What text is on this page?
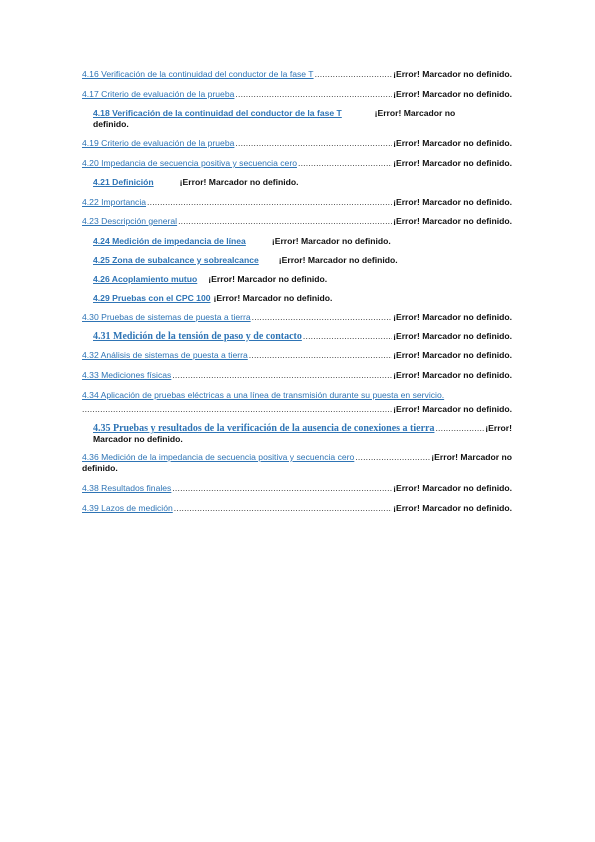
4.16 Verificación de la continuidad del conductor de la fase T .....	¡Error! Marcador no definido.
4.17 Criterio de evaluación de la prueba .....	¡Error! Marcador no definido.
4.18 Verificación de la continuidad del conductor de la fase T	¡Error! Marcador no
definido.
4.19 Criterio de evaluación de la prueba .....	¡Error! Marcador no definido.
4.20 Impedancia de secuencia positiva y secuencia cero .....	¡Error! Marcador no definido.
4.21 Definición	¡Error! Marcador no definido.
4.22 Importancia .....	¡Error! Marcador no definido.
4.23 Descripción general .....	¡Error! Marcador no definido.
4.24 Medición de impedancia de línea	¡Error! Marcador no definido.
4.25 Zona de subalcance y sobrealcance ¡Error! Marcador no definido.
4.26 Acoplamiento mutuo ¡Error! Marcador no definido.
4.29 Pruebas con el CPC 100 ¡Error! Marcador no definido.
4.30 Pruebas de sistemas de puesta a tierra .....	¡Error! Marcador no definido.
4.31 Medición de la tensión de paso y de contacto .....	¡Error! Marcador no definido.
4.32 Análisis de sistemas de puesta a tierra .....	¡Error! Marcador no definido.
4.33 Mediciones físicas .....	¡Error! Marcador no definido.
4.34 Aplicación de pruebas eléctricas a una línea de transmisión durante su puesta en servicio.
.....
¡Error! Marcador no definido.
4.35 Pruebas y resultados de la verificación de la ausencia de conexiones a tierra .....	¡Error!
Marcador no definido.
4.36 Medición de la impedancia de secuencia positiva y secuencia cero .....	¡Error! Marcador no
definido.
4.38 Resultados finales .....	¡Error! Marcador no definido.
4.39 Lazos de medición .....	¡Error! Marcador no definido.
